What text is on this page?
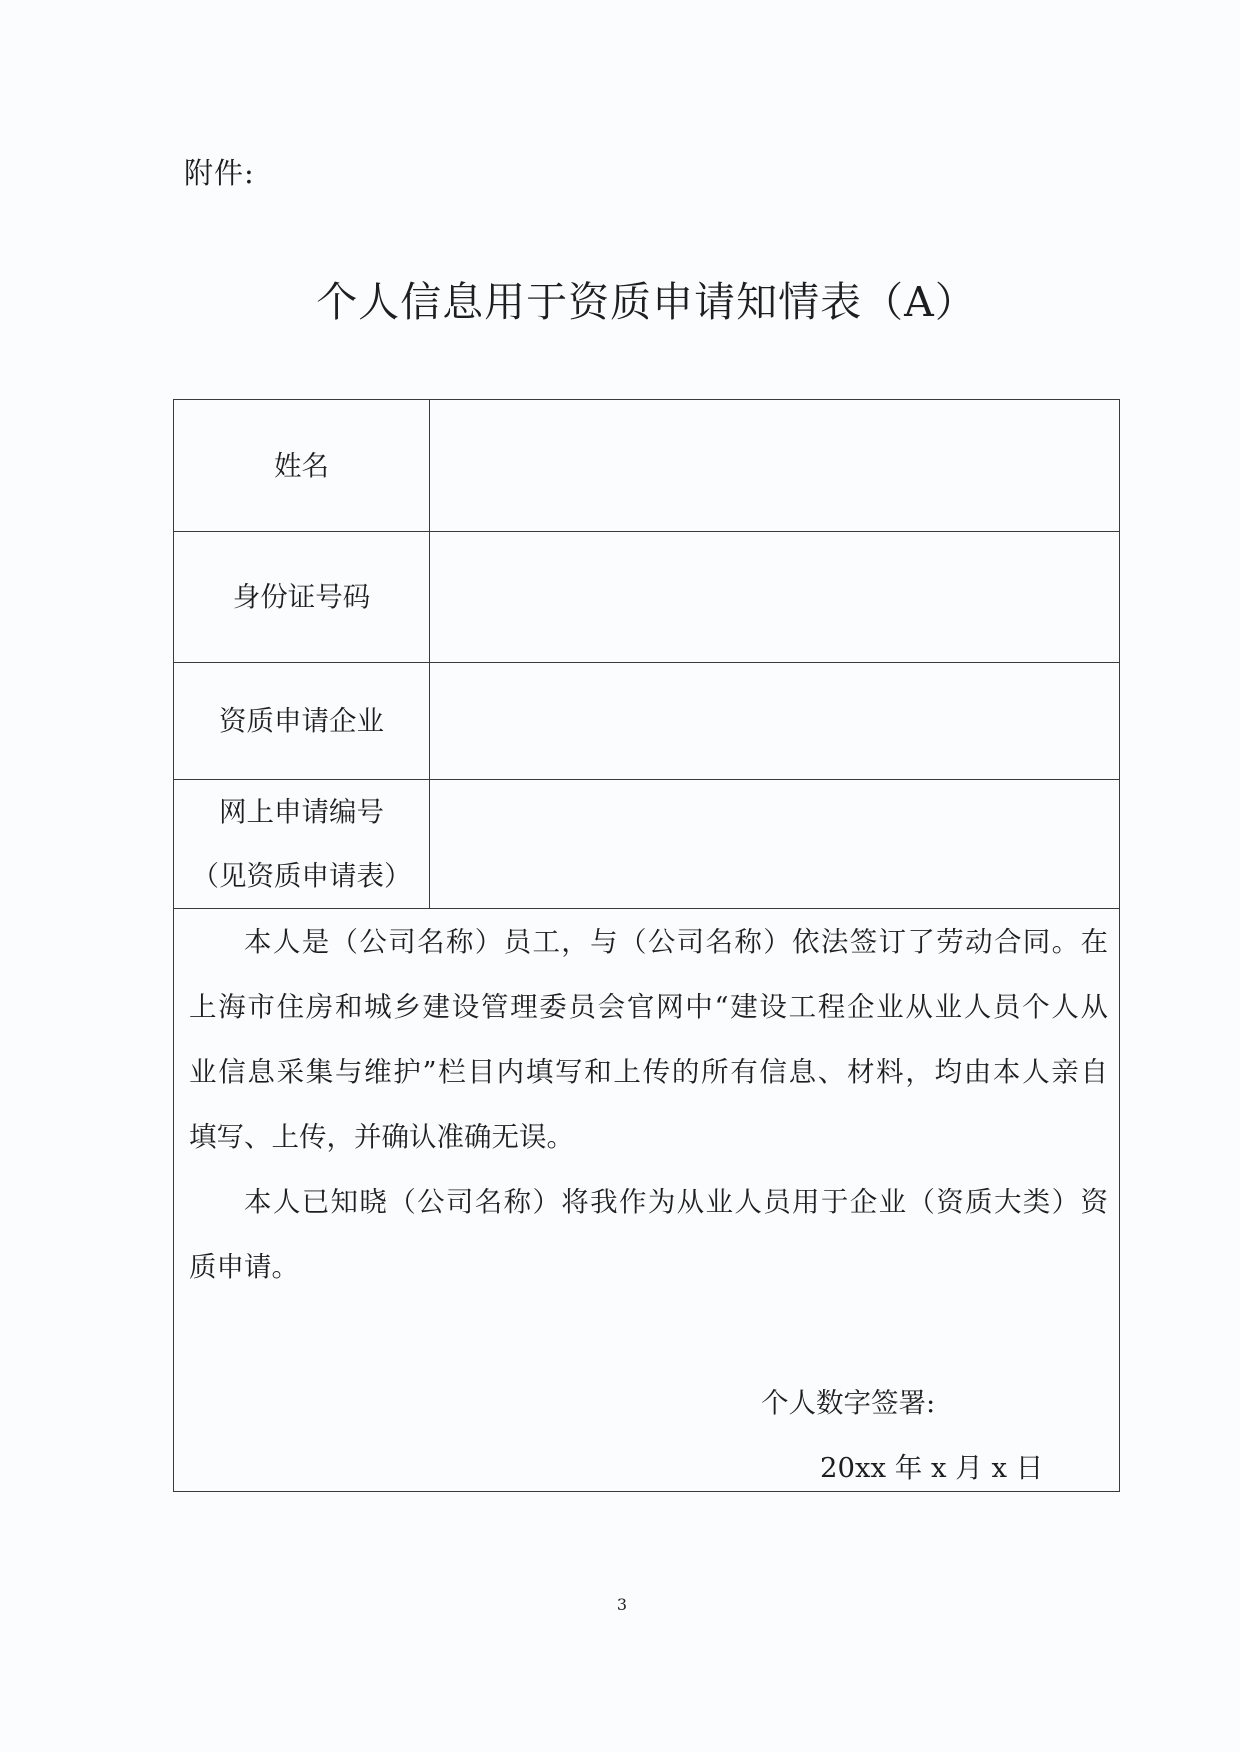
附件:
个人信息用于资质申请知情表（A）
姓名
身份证号码
资质申请企业
网上申请编号
（见资质申请表）
本人是（公司名称）员工，与（公司名称）依法签订了劳动合同。在
上海市住房和城乡建设管理委员会官网中“建设工程企业从业人员个人从
业信息采集与维护”栏目内填写和上传的所有信息、材料，均由本人亲自
填写、上传，并确认准确无误。
本人已知晓（公司名称）将我作为从业人员用于企业（资质大类）资
质申请。
个人数字签署:
20xx 年 x 月 x 日
3
